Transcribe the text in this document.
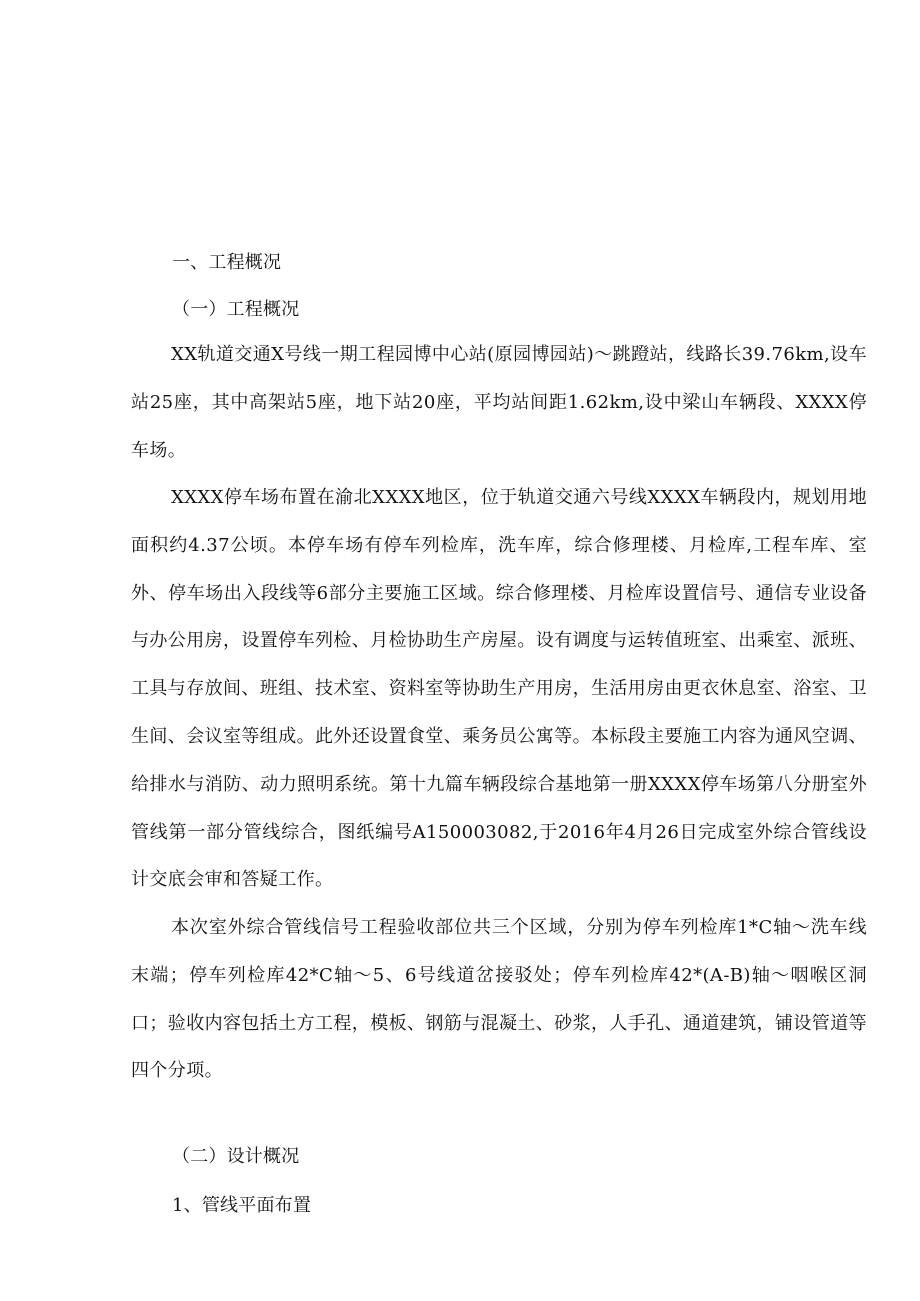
一、工程概况
（一）工程概况
XX轨道交通X号线一期工程园博中心站(原园博园站)～跳蹬站，线路长39.76km,设车站25座，其中高架站5座，地下站20座，平均站间距1.62km,设中梁山车辆段、XXXX停车场。
XXXX停车场布置在渝北XXXX地区，位于轨道交通六号线XXXX车辆段内，规划用地面积约4.37公顷。本停车场有停车列检库，洗车库，综合修理楼、月检库,工程车库、室外、停车场出入段线等6部分主要施工区域。综合修理楼、月检库设置信号、通信专业设备与办公用房，设置停车列检、月检协助生产房屋。设有调度与运转值班室、出乘室、派班、工具与存放间、班组、技术室、资料室等协助生产用房，生活用房由更衣休息室、浴室、卫生间、会议室等组成。此外还设置食堂、乘务员公寓等。本标段主要施工内容为通风空调、给排水与消防、动力照明系统。第十九篇车辆段综合基地第一册XXXX停车场第八分册室外管线第一部分管线综合，图纸编号A150003082,于2016年4月26日完成室外综合管线设计交底会审和答疑工作。
本次室外综合管线信号工程验收部位共三个区域，分别为停车列检库1*C轴～洗车线末端；停车列检库42*C轴～5、6号线道岔接驳处；停车列检库42*(A-B)轴～咽喉区洞口；验收内容包括土方工程，模板、钢筋与混凝土、砂浆，人手孔、通道建筑，铺设管道等四个分项。
（二）设计概况
1、管线平面布置
